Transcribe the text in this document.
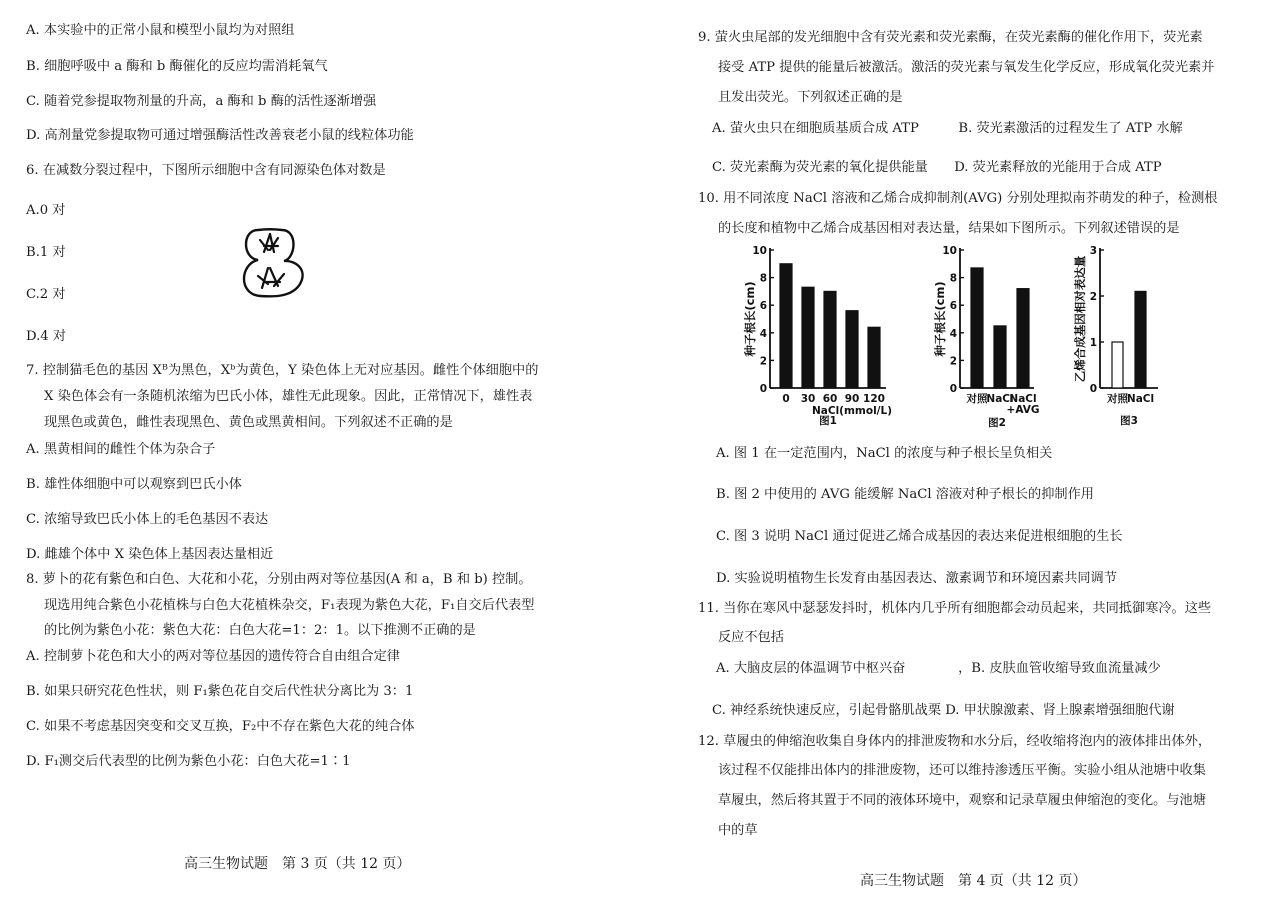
A. 本实验中的正常小鼠和模型小鼠均为对照组
B. 细胞呼吸中 a 酶和 b 酶催化的反应均需消耗氧气
C. 随着党参提取物剂量的升高，a 酶和 b 酶的活性逐渐增强
D. 高剂量党参提取物可通过增强酶活性改善衰老小鼠的线粒体功能
6. 在减数分裂过程中，下图所示细胞中含有同源染色体对数是
A.0 对
B.1 对
C.2 对
D.4 对
7. 控制猫毛色的基因 Xᴮ为黑色，Xᵇ为黄色，Y 染色体上无对应基因。雌性个体细胞中的
X 染色体会有一条随机浓缩为巴氏小体，雄性无此现象。因此，正常情况下，雄性表
现黑色或黄色，雌性表现黑色、黄色或黑黄相间。下列叙述不正确的是
A. 黑黄相间的雌性个体为杂合子
B. 雄性体细胞中可以观察到巴氏小体
C. 浓缩导致巴氏小体上的毛色基因不表达
D. 雌雄个体中 X 染色体上基因表达量相近
8. 萝卜的花有紫色和白色、大花和小花，分别由两对等位基因(A 和 a，B 和 b) 控制。
现选用纯合紫色小花植株与白色大花植株杂交，F₁表现为紫色大花，F₁自交后代表型
的比例为紫色小花：紫色大花：白色大花=1：2：1。以下推测不正确的是
A. 控制萝卜花色和大小的两对等位基因的遗传符合自由组合定律
B. 如果只研究花色性状，则 F₁紫色花自交后代性状分离比为 3：1
C. 如果不考虑基因突变和交叉互换，F₂中不存在紫色大花的纯合体
D. F₁测交后代表型的比例为紫色小花：白色大花=1∶1
高三生物试题　第 3 页（共 12 页）
9. 萤火虫尾部的发光细胞中含有荧光素和荧光素酶，在荧光素酶的催化作用下，荧光素
接受 ATP 提供的能量后被激活。激活的荧光素与氧发生化学反应，形成氧化荧光素并
且发出荧光。下列叙述正确的是
A. 萤火虫只在细胞质基质合成 ATP　　　B. 荧光素激活的过程发生了 ATP 水解
C. 荧光素酶为荧光素的氧化提供能量　　D. 荧光素释放的光能用于合成 ATP
10. 用不同浓度 NaCl 溶液和乙烯合成抑制剂(AVG) 分别处理拟南芥萌发的种子，检测根
的长度和植物中乙烯合成基因相对表达量，结果如下图所示。下列叙述错误的是
0
2
4
6
8
10
种子根长(cm)
0 30 60 90 120
NaCl(mmol/L)
图1
0
2
4
6
8
10
种子根长(cm)
对照
NaCl
NaCl
+AVG
图2
0
1
2
3
乙烯合成基因相对表达量
对照
NaCl
图3
A. 图 1 在一定范围内，NaCl 的浓度与种子根长呈负相关
B. 图 2 中使用的 AVG 能缓解 NaCl 溶液对种子根长的抑制作用
C. 图 3 说明 NaCl 通过促进乙烯合成基因的表达来促进根细胞的生长
D. 实验说明植物生长发育由基因表达、激素调节和环境因素共同调节
11. 当你在寒风中瑟瑟发抖时，机体内几乎所有细胞都会动员起来，共同抵御寒冷。这些
反应不包括
A. 大脑皮层的体温调节中枢兴奋　　　　，B. 皮肤血管收缩导致血流量减少
C. 神经系统快速反应，引起骨骼肌战栗 D. 甲状腺激素、肾上腺素增强细胞代谢
12. 草履虫的伸缩泡收集自身体内的排泄废物和水分后，经收缩将泡内的液体排出体外，
该过程不仅能排出体内的排泄废物，还可以维持渗透压平衡。实验小组从池塘中收集
草履虫，然后将其置于不同的液体环境中，观察和记录草履虫伸缩泡的变化。与池塘
中的草
高三生物试题　第 4 页（共 12 页）
